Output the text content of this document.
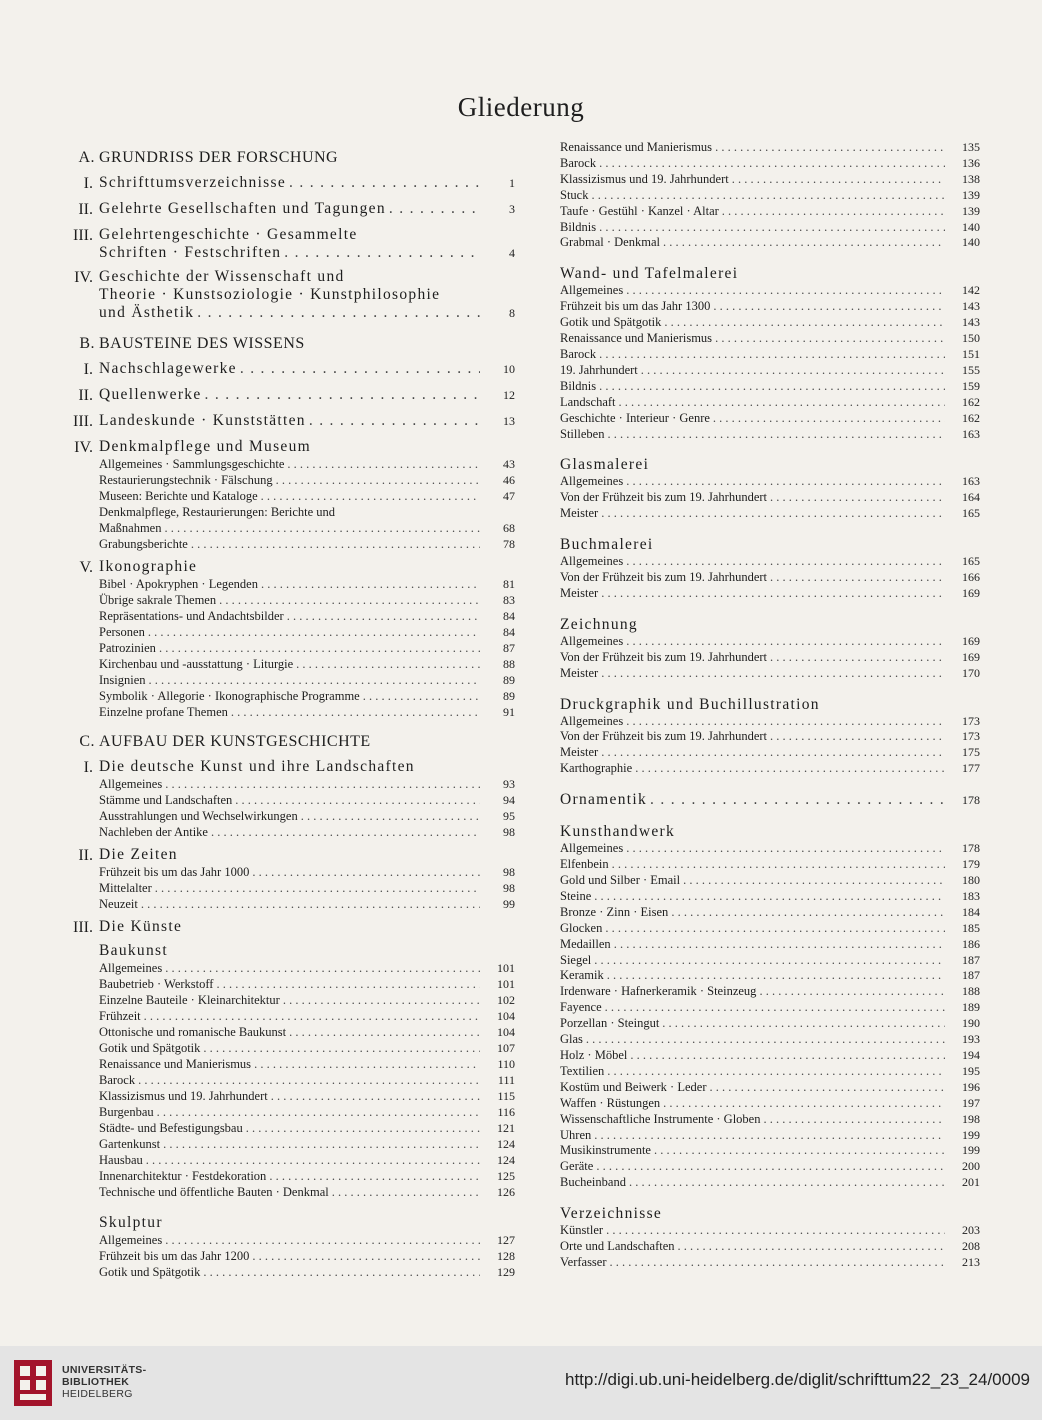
Gliederung
A. GRUNDRISS DER FORSCHUNG
I. Schrifttumsverzeichnisse . . .	1
II. Gelehrte Gesellschaften und Tagungen . . .	3
III. Gelehrtengeschichte · Gesammelte
Schriften · Festschriften . . .	4
IV. Geschichte der Wissenschaft und
Theorie · Kunstsoziologie · Kunstphilosophie
und Ästhetik . . .	8
B. BAUSTEINE DES WISSENS
I. Nachschlagewerke . . .	10
II. Quellenwerke . . .	12
III. Landeskunde · Kunststätten . . .	13
IV. Denkmalpflege und Museum
Allgemeines · Sammlungsgeschichte . . .	43
Restaurierungstechnik · Fälschung . . .	46
Museen: Berichte und Kataloge . . .	47
Denkmalpflege, Restaurierungen: Berichte und
Maßnahmen . . .	68
Grabungsberichte . . .	78
V. Ikonographie
Bibel · Apokryphen · Legenden . . .	81
Übrige sakrale Themen . . .	83
Repräsentations- und Andachtsbilder . . .	84
Personen . . .	84
Patrozinien . . .	87
Kirchenbau und -ausstattung · Liturgie . . .	88
Insignien . . .	89
Symbolik · Allegorie · Ikonographische Programme . . .	89
Einzelne profane Themen . . .	91
C. AUFBAU DER KUNSTGESCHICHTE
I. Die deutsche Kunst und ihre Landschaften
Allgemeines . . .	93
Stämme und Landschaften . . .	94
Ausstrahlungen und Wechselwirkungen . . .	95
Nachleben der Antike . . .	98
II. Die Zeiten
Frühzeit bis um das Jahr 1000 . . .	98
Mittelalter . . .	98
Neuzeit . . .	99
III. Die Künste
Baukunst
Allgemeines . . .	101
Baubetrieb · Werkstoff . . .	101
Einzelne Bauteile · Kleinarchitektur . . .	102
Frühzeit . . .	104
Ottonische und romanische Baukunst . . .	104
Gotik und Spätgotik . . .	107
Renaissance und Manierismus . . .	110
Barock . . .	111
Klassizismus und 19. Jahrhundert . . .	115
Burgenbau . . .	116
Städte- und Befestigungsbau . . .	121
Gartenkunst . . .	124
Hausbau . . .	124
Innenarchitektur · Festdekoration . . .	125
Technische und öffentliche Bauten · Denkmal . . .	126
Skulptur
Allgemeines . . .	127
Frühzeit bis um das Jahr 1200 . . .	128
Gotik und Spätgotik . . .	129
Renaissance und Manierismus . . .	135
Barock . . .	136
Klassizismus und 19. Jahrhundert . . .	138
Stuck . . .	139
Taufe · Gestühl · Kanzel · Altar . . .	139
Bildnis . . .	140
Grabmal · Denkmal . . .	140
Wand- und Tafelmalerei
Allgemeines . . .	142
Frühzeit bis um das Jahr 1300 . . .	143
Gotik und Spätgotik . . .	143
Renaissance und Manierismus . . .	150
Barock . . .	151
19. Jahrhundert . . .	155
Bildnis . . .	159
Landschaft . . .	162
Geschichte · Interieur · Genre . . .	162
Stilleben . . .	163
Glasmalerei
Allgemeines . . .	163
Von der Frühzeit bis zum 19. Jahrhundert . . .	164
Meister . . .	165
Buchmalerei
Allgemeines . . .	165
Von der Frühzeit bis zum 19. Jahrhundert . . .	166
Meister . . .	169
Zeichnung
Allgemeines . . .	169
Von der Frühzeit bis zum 19. Jahrhundert . . .	169
Meister . . .	170
Druckgraphik und Buchillustration
Allgemeines . . .	173
Von der Frühzeit bis zum 19. Jahrhundert . . .	173
Meister . . .	175
Karthographie . . .	177
Ornamentik . . .	178
Kunsthandwerk
Allgemeines . . .	178
Elfenbein . . .	179
Gold und Silber · Email . . .	180
Steine . . .	183
Bronze · Zinn · Eisen . . .	184
Glocken . . .	185
Medaillen . . .	186
Siegel . . .	187
Keramik . . .	187
Irdenware · Hafnerkeramik · Steinzeug . . .	188
Fayence . . .	189
Porzellan · Steingut . . .	190
Glas . . .	193
Holz · Möbel . . .	194
Textilien . . .	195
Kostüm und Beiwerk · Leder . . .	196
Waffen · Rüstungen . . .	197
Wissenschaftliche Instrumente · Globen . . .	198
Uhren . . .	199
Musikinstrumente . . .	199
Geräte . . .	200
Bucheinband . . .	201
Verzeichnisse
Künstler . . .	203
Orte und Landschaften . . .	208
Verfasser . . .	213
UNIVERSITÄTS-
BIBLIOTHEK
HEIDELBERG
http://digi.ub.uni-heidelberg.de/diglit/schrifttum22_23_24/0009
